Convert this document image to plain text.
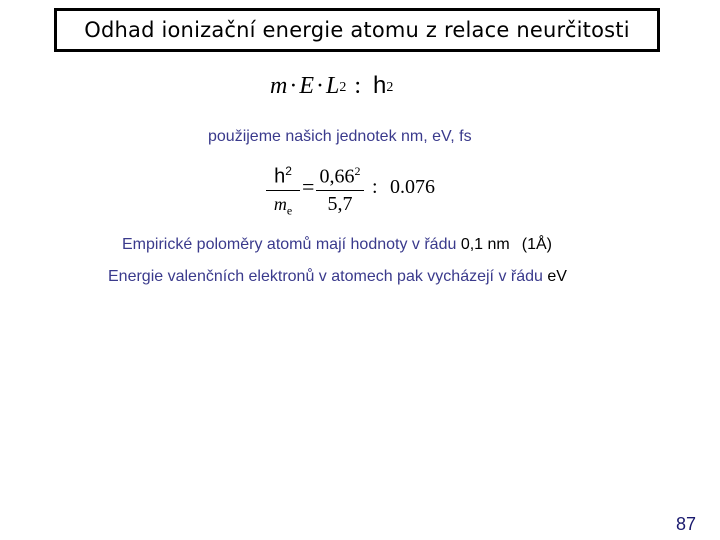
Odhad ionizační energie atomu z relace neurčitosti
m · E · L 2 : h 2
použijeme našich jednotek nm, eV, fs
$h^2$
$m_e$
= $0,66^2$
5,7
: 0.076
Empirické poloměry atomů mají hodnoty v řádu 0,1 nm (1Å)
Energie valenčních elektronů v atomech pak vycházejí v řádu eV
87
